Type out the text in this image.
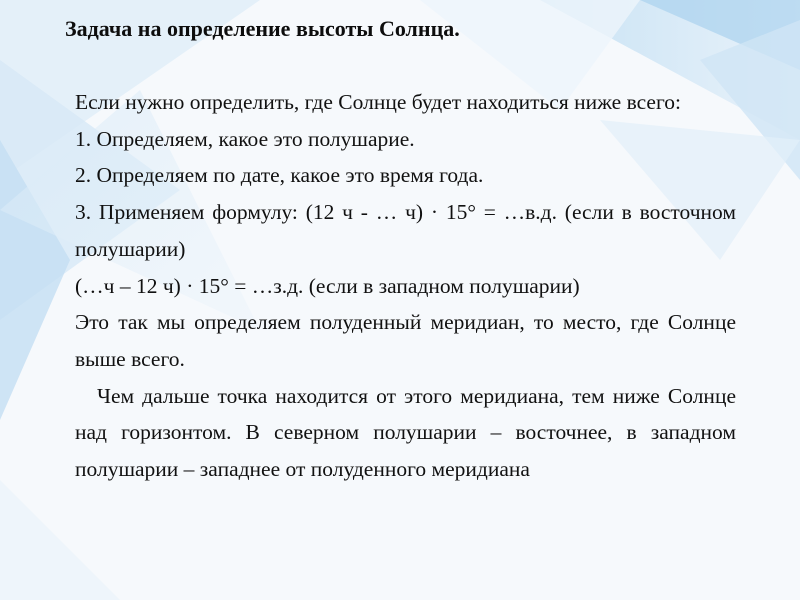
Задача на определение высоты Солнца.

Если нужно определить, где Солнце будет находиться ниже всего:

1. Определяем, какое это полушарие.

2. Определяем по дате, какое это время года.

3. Применяем формулу: (12 ч - … ч) · 15° = …в.д. (если в восточном полушарии)

(…ч – 12 ч) · 15° = …з.д. (если в западном полушарии)

Это так мы определяем полуденный меридиан, то место, где Солнце выше всего.

Чем дальше точка находится от этого меридиана, тем ниже Солнце над горизонтом. В северном полушарии – восточнее, в западном полушарии – западнее от полуденного меридиана
